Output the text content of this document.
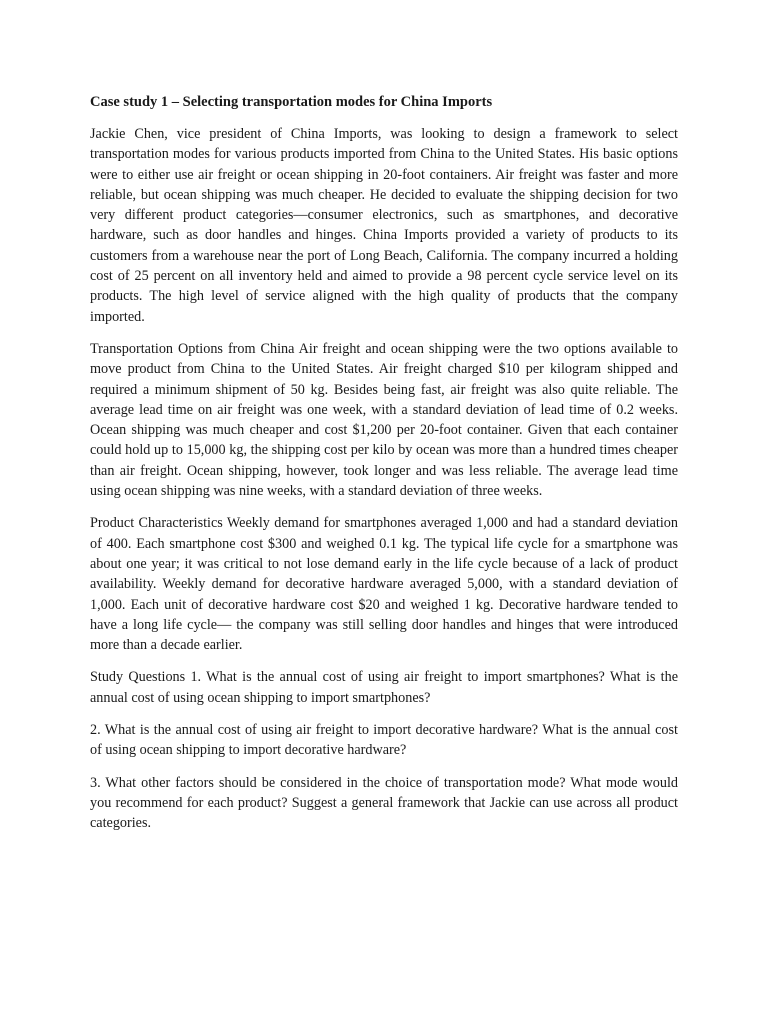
Case study 1 – Selecting transportation modes for China Imports

Jackie Chen, vice president of China Imports, was looking to design a framework to select transportation modes for various products imported from China to the United States. His basic options were to either use air freight or ocean shipping in 20-foot containers. Air freight was faster and more reliable, but ocean shipping was much cheaper. He decided to evaluate the shipping decision for two very different product categories—consumer electronics, such as smartphones, and decorative hardware, such as door handles and hinges. China Imports provided a variety of products to its customers from a warehouse near the port of Long Beach, California. The company incurred a holding cost of 25 percent on all inventory held and aimed to provide a 98 percent cycle service level on its products. The high level of service aligned with the high quality of products that the company imported.

Transportation Options from China Air freight and ocean shipping were the two options available to move product from China to the United States. Air freight charged $10 per kilogram shipped and required a minimum shipment of 50 kg. Besides being fast, air freight was also quite reliable. The average lead time on air freight was one week, with a standard deviation of lead time of 0.2 weeks. Ocean shipping was much cheaper and cost $1,200 per 20-foot container. Given that each container could hold up to 15,000 kg, the shipping cost per kilo by ocean was more than a hundred times cheaper than air freight. Ocean shipping, however, took longer and was less reliable. The average lead time using ocean shipping was nine weeks, with a standard deviation of three weeks.

Product Characteristics Weekly demand for smartphones averaged 1,000 and had a standard deviation of 400. Each smartphone cost $300 and weighed 0.1 kg. The typical life cycle for a smartphone was about one year; it was critical to not lose demand early in the life cycle because of a lack of product availability. Weekly demand for decorative hardware averaged 5,000, with a standard deviation of 1,000. Each unit of decorative hardware cost $20 and weighed 1 kg. Decorative hardware tended to have a long life cycle— the company was still selling door handles and hinges that were introduced more than a decade earlier.

Study Questions 1. What is the annual cost of using air freight to import smartphones? What is the annual cost of using ocean shipping to import smartphones?

2. What is the annual cost of using air freight to import decorative hardware? What is the annual cost of using ocean shipping to import decorative hardware?

3. What other factors should be considered in the choice of transportation mode? What mode would you recommend for each product? Suggest a general framework that Jackie can use across all product categories.
